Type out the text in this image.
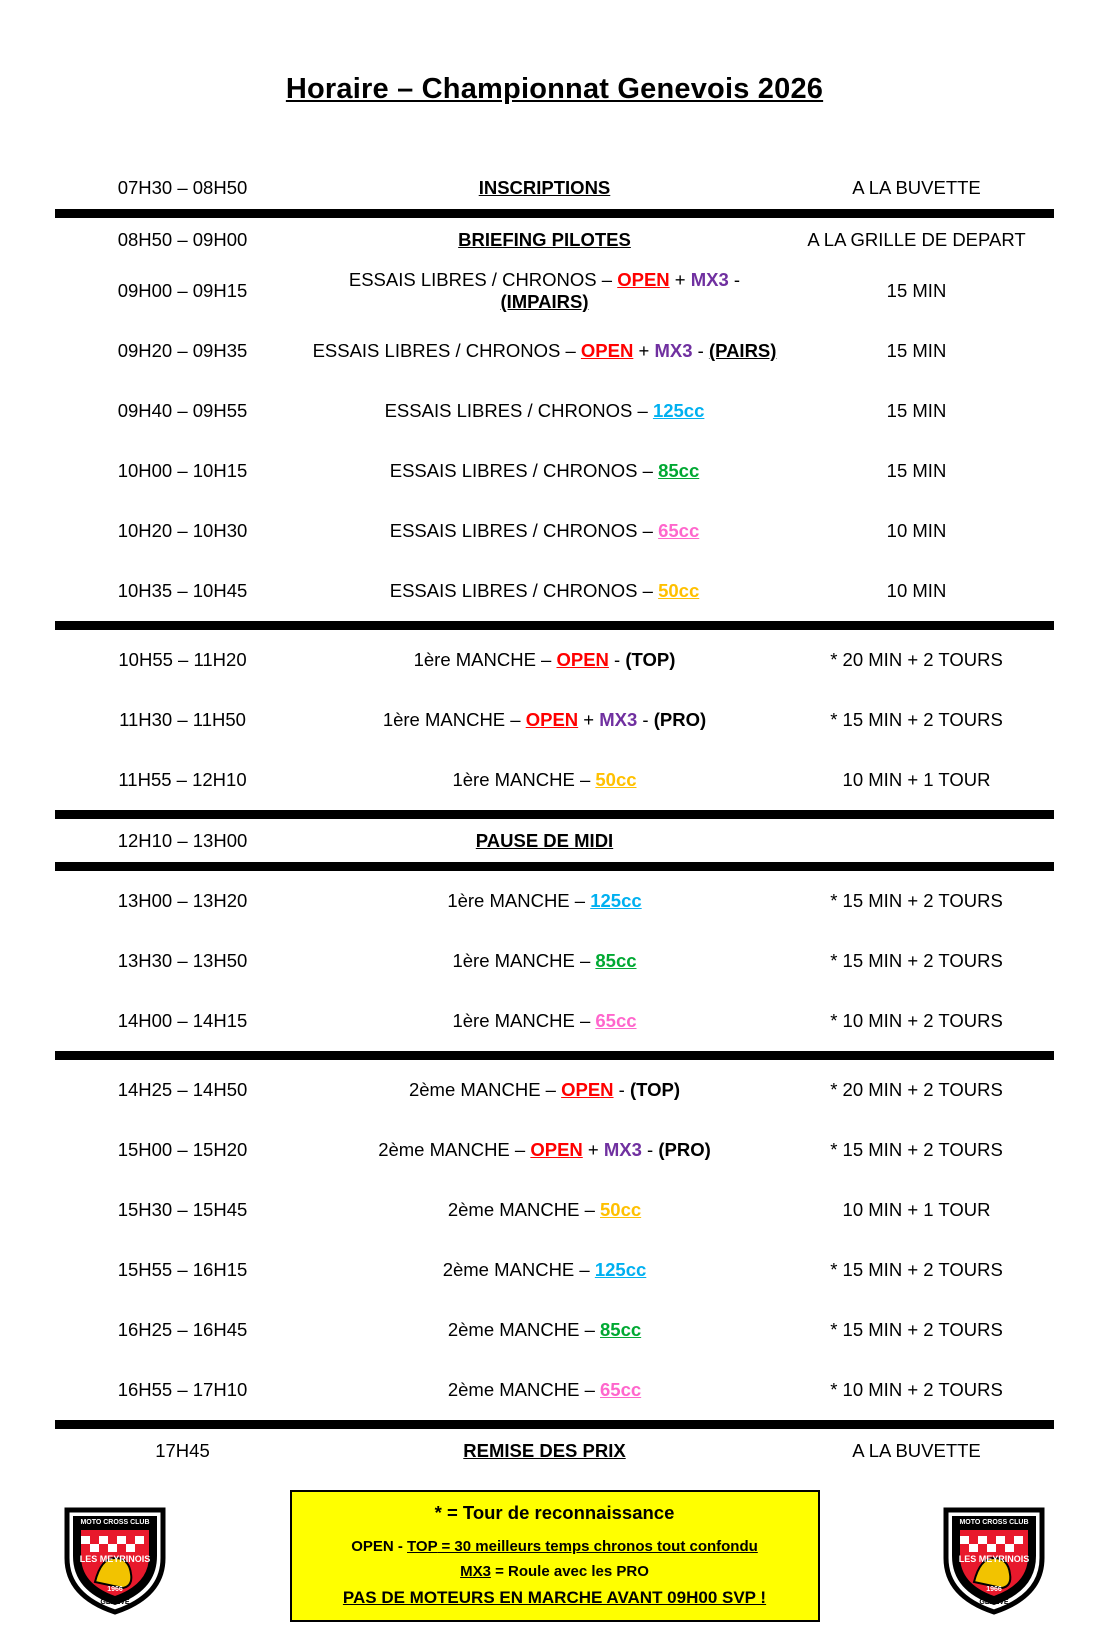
Horaire – Championnat Genevois 2026
07H30 – 08H50	INSCRIPTIONS	A LA BUVETTE

08H50 – 09H00	BRIEFING PILOTES	A LA GRILLE DE DEPART
09H00 – 09H15	ESSAIS LIBRES / CHRONOS – OPEN + MX3 - (IMPAIRS)	15 MIN
09H20 – 09H35	ESSAIS LIBRES / CHRONOS – OPEN + MX3 - (PAIRS)	15 MIN
09H40 – 09H55	ESSAIS LIBRES / CHRONOS – 125cc	15 MIN
10H00 – 10H15	ESSAIS LIBRES / CHRONOS – 85cc	15 MIN
10H20 – 10H30	ESSAIS LIBRES / CHRONOS – 65cc	10 MIN
10H35 – 10H45	ESSAIS LIBRES / CHRONOS – 50cc	10 MIN

10H55 – 11H20	1ère MANCHE – OPEN - (TOP)	* 20 MIN + 2 TOURS
11H30 – 11H50	1ère MANCHE – OPEN + MX3 - (PRO)	* 15 MIN + 2 TOURS
11H55 – 12H10	1ère MANCHE – 50cc	10 MIN + 1 TOUR

12H10 – 13H00	PAUSE DE MIDI	

13H00 – 13H20	1ère MANCHE – 125cc	* 15 MIN + 2 TOURS
13H30 – 13H50	1ère MANCHE – 85cc	* 15 MIN + 2 TOURS
14H00 – 14H15	1ère MANCHE – 65cc	* 10 MIN + 2 TOURS

14H25 – 14H50	2ème MANCHE – OPEN - (TOP)	* 20 MIN + 2 TOURS
15H00 – 15H20	2ème MANCHE – OPEN + MX3 - (PRO)	* 15 MIN + 2 TOURS
15H30 – 15H45	2ème MANCHE – 50cc	10 MIN + 1 TOUR
15H55 – 16H15	2ème MANCHE – 125cc	* 15 MIN + 2 TOURS
16H25 – 16H45	2ème MANCHE – 85cc	* 15 MIN + 2 TOURS
16H55 – 17H10	2ème MANCHE – 65cc	* 10 MIN + 2 TOURS

17H45	REMISE DES PRIX	A LA BUVETTE
MOTO CROSS CLUB
LES MEYRINOIS
1966
GENEVE
* = Tour de reconnaissance
OPEN - TOP = 30 meilleurs temps chronos tout confondu
MX3 = Roule avec les PRO
PAS DE MOTEURS EN MARCHE AVANT 09H00 SVP !
MOTO CROSS CLUB
LES MEYRINOIS
1966
GENEVE
